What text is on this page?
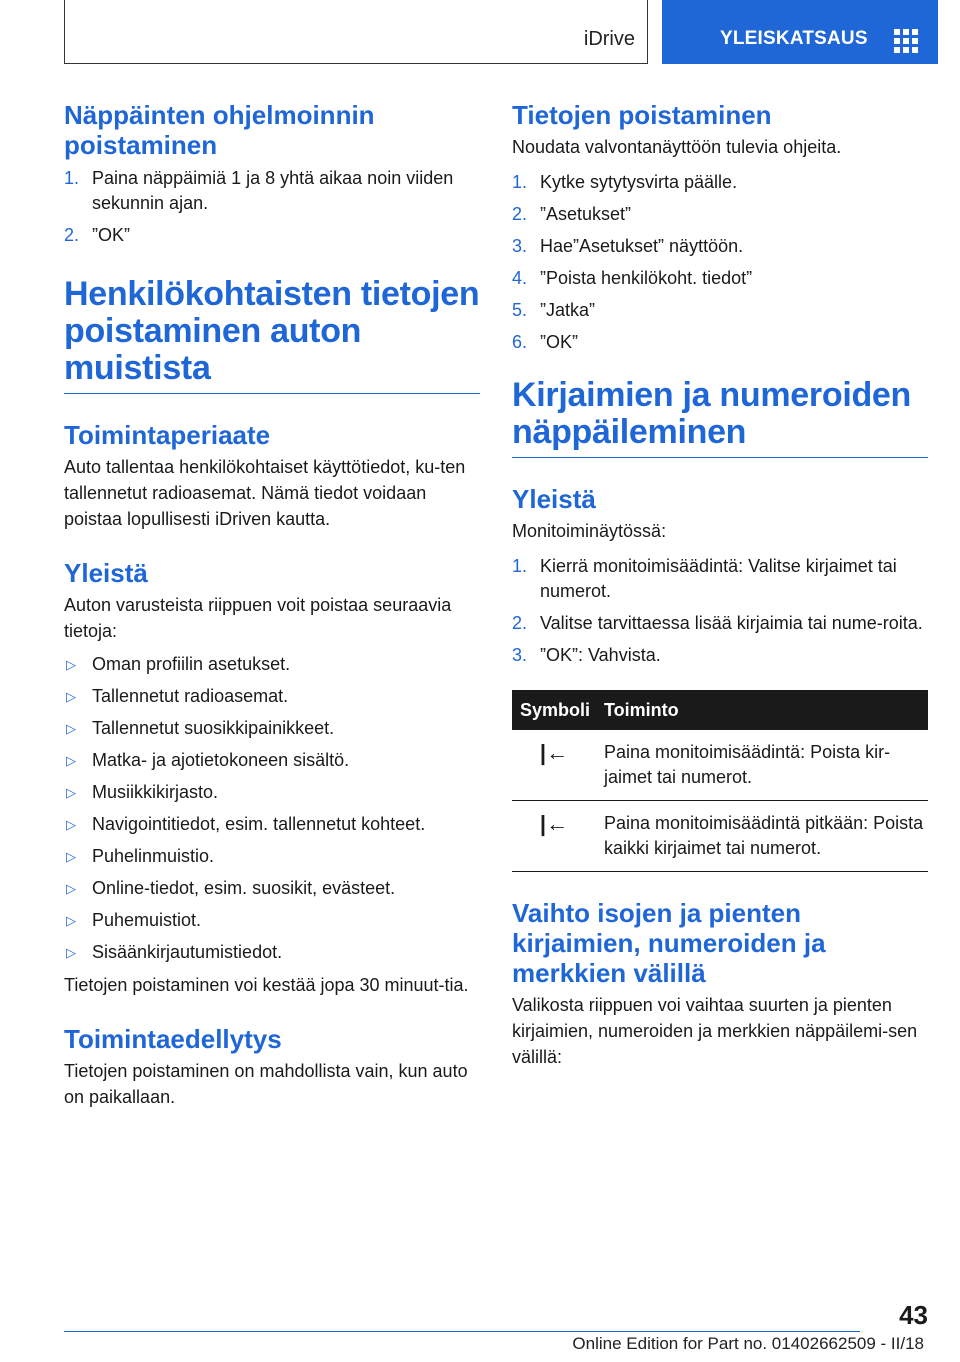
iDrive	YLEISKATSAUS
Näppäinten ohjelmoinnin poistaminen
1. Paina näppäimiä 1 ja 8 yhtä aikaa noin viiden sekunnin ajan.
2. ”OK”
Henkilökohtaisten tietojen poistaminen auton muistista
Toimintaperiaate

Auto tallentaa henkilökohtaiset käyttötiedot, ku-ten tallennetut radioasemat. Nämä tiedot voidaan poistaa lopullisesti iDriven kautta.

Yleistä

Auton varusteista riippuen voit poistaa seuraavia tietoja:

▷ Oman profiilin asetukset.
▷ Tallennetut radioasemat.
▷ Tallennetut suosikkipainikkeet.
▷ Matka- ja ajotietokoneen sisältö.
▷ Musiikkikirjasto.
▷ Navigointitiedot, esim. tallennetut kohteet.
▷ Puhelinmuistio.
▷ Online-tiedot, esim. suosikit, evästeet.
▷ Puhemuistiot.
▷ Sisäänkirjautumistiedot.

Tietojen poistaminen voi kestää jopa 30 minuut-tia.

Toimintaedellytys

Tietojen poistaminen on mahdollista vain, kun auto on paikallaan.

Tietojen poistaminen

Noudata valvontanäyttöön tulevia ohjeita.

1. Kytke sytytysvirta päälle.
2. ”Asetukset”
3. Hae”Asetukset” näyttöön.
4. ”Poista henkilökoht. tiedot”
5. ”Jatka”
6. ”OK”
Kirjaimien ja numeroiden näppäileminen
Yleistä

Monitoiminäytössä:

1. Kierrä monitoimisäädintä: Valitse kirjaimet tai numerot.
2. Valitse tarvittaessa lisää kirjaimia tai nume-roita.
3. ”OK”: Vahvista.
Symboli	Toiminto
|←	Paina monitoimisäädintä: Poista kir-jaimet tai numerot.
|←	Paina monitoimisäädintä pitkään: Poista kaikki kirjaimet tai numerot.
Vaihto isojen ja pienten kirjaimien, numeroiden ja merkkien välillä

Valikosta riippuen voi vaihtaa suurten ja pienten kirjaimien, numeroiden ja merkkien näppäilemi-sen välillä:

43
Online Edition for Part no. 01402662509 - II/18
